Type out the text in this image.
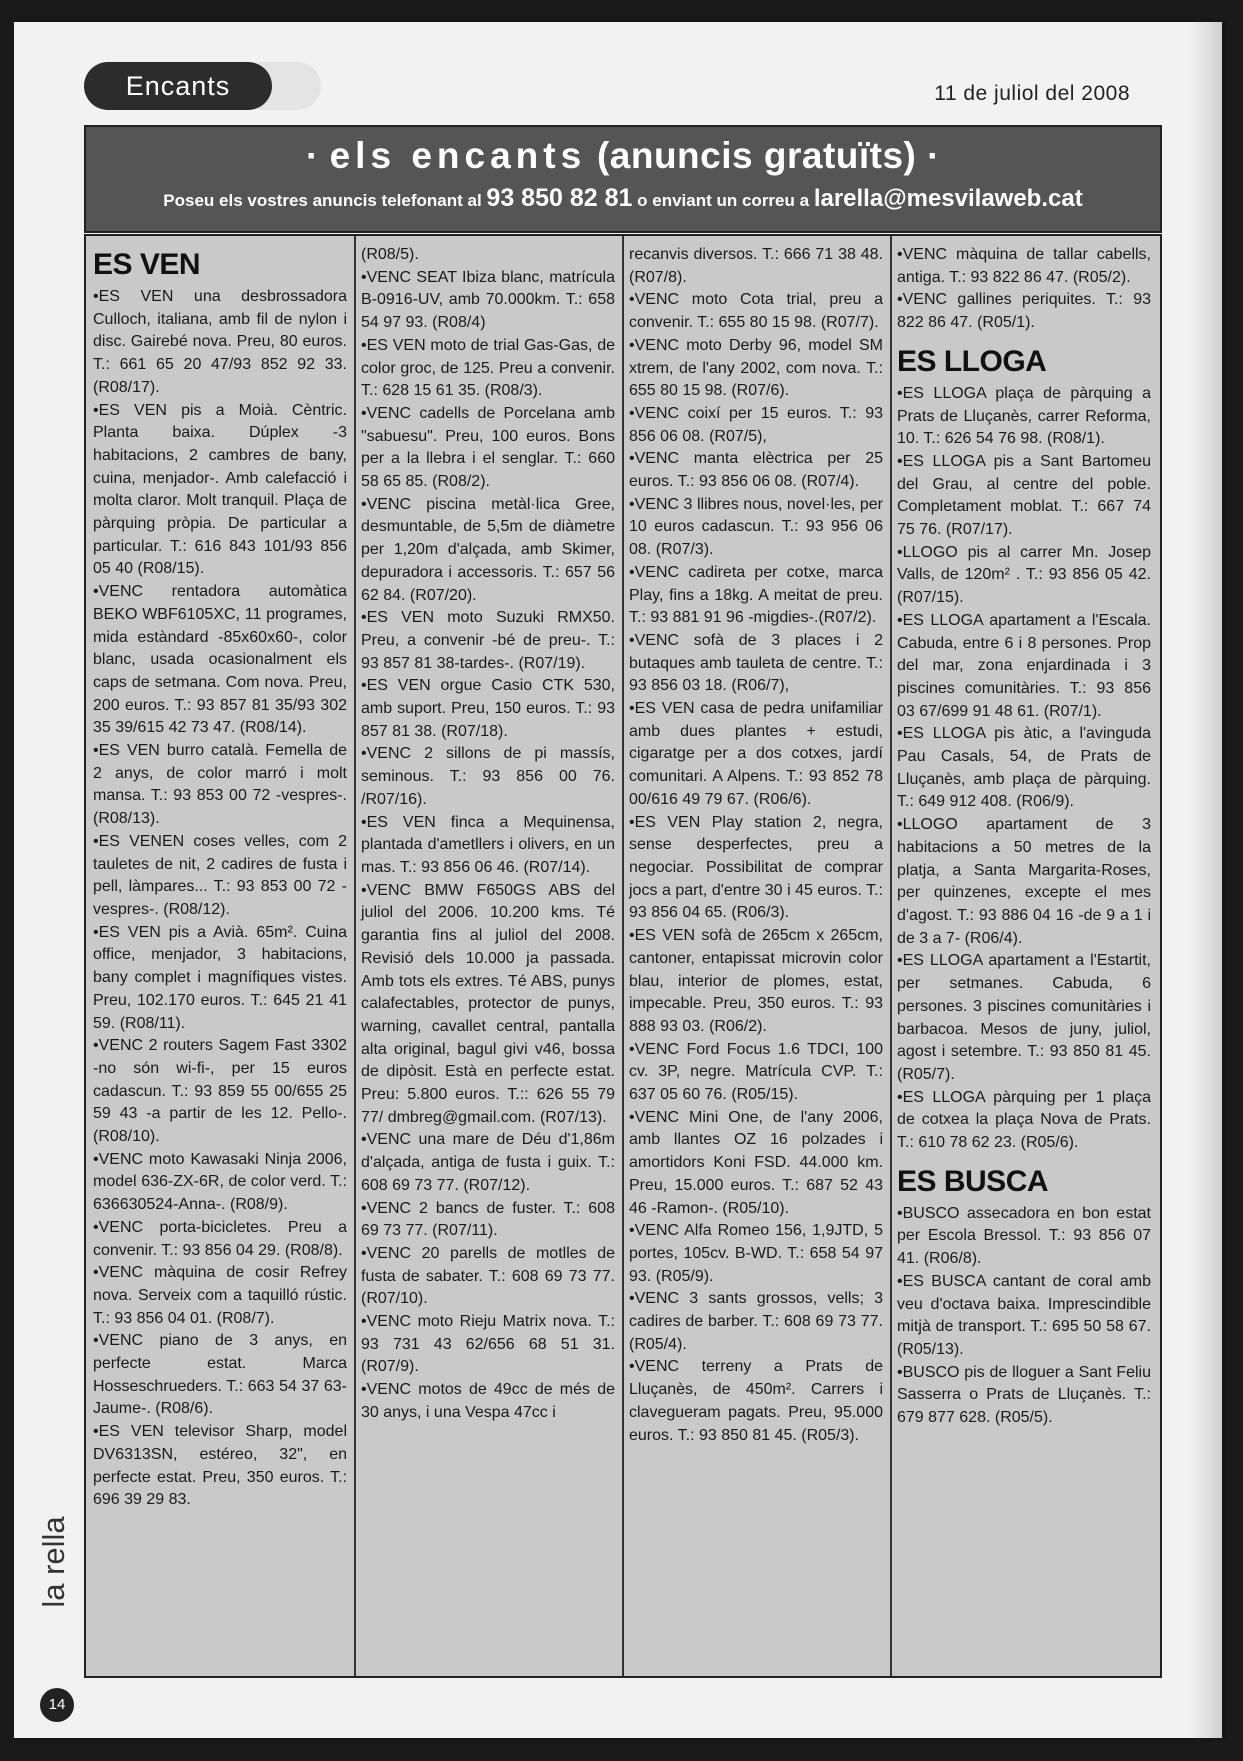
Encants	11 de juliol del 2008
· els encants (anuncis gratuïts) ·
Poseu els vostres anuncis telefonant al 93 850 82 81 o enviant un correu a larella@mesvilaweb.cat
ES VEN

•ES VEN una desbrossadora Culloch, italiana, amb fil de nylon i disc. Gairebé nova. Preu, 80 euros. T.: 661 65 20 47/93 852 92 33. (R08/17).

•ES VEN pis a Moià. Cèntric. Planta baixa. Dúplex -3 habitacions, 2 cambres de bany, cuina, menjador-. Amb calefacció i molta claror. Molt tranquil. Plaça de pàrquing pròpia. De particular a particular. T.: 616 843 101/93 856 05 40 (R08/15).

•VENC rentadora automàtica BEKO WBF6105XC, 11 programes, mida estàndard -85x60x60-, color blanc, usada ocasionalment els caps de setmana. Com nova. Preu, 200 euros. T.: 93 857 81 35/93 302 35 39/615 42 73 47. (R08/14).

•ES VEN burro català. Femella de 2 anys, de color marró i molt mansa. T.: 93 853 00 72 -vespres-. (R08/13).

•ES VENEN coses velles, com 2 tauletes de nit, 2 cadires de fusta i pell, làmpares... T.: 93 853 00 72 -vespres-. (R08/12).

•ES VEN pis a Avià. 65m². Cuina office, menjador, 3 habitacions, bany complet i magnífiques vistes. Preu, 102.170 euros. T.: 645 21 41 59. (R08/11).

•VENC 2 routers Sagem Fast 3302 -no són wi-fi-, per 15 euros cadascun. T.: 93 859 55 00/655 25 59 43 -a partir de les 12. Pello-. (R08/10).

•VENC moto Kawasaki Ninja 2006, model 636-ZX-6R, de color verd. T.: 636630524-Anna-. (R08/9).

•VENC porta-bicicletes. Preu a convenir. T.: 93 856 04 29. (R08/8).

•VENC màquina de cosir Refrey nova. Serveix com a taquilló rústic. T.: 93 856 04 01. (R08/7).

•VENC piano de 3 anys, en perfecte estat. Marca Hosseschrueders. T.: 663 54 37 63-Jaume-. (R08/6).

•ES VEN televisor Sharp, model DV6313SN, estéreo, 32", en perfecte estat. Preu, 350 euros. T.: 696 39 29 83.

(R08/5).

•VENC SEAT Ibiza blanc, matrícula B-0916-UV, amb 70.000km. T.: 658 54 97 93. (R08/4)

•ES VEN moto de trial Gas-Gas, de color groc, de 125. Preu a convenir. T.: 628 15 61 35. (R08/3).

•VENC cadells de Porcelana amb "sabuesu". Preu, 100 euros. Bons per a la llebra i el senglar. T.: 660 58 65 85. (R08/2).

•VENC piscina metàl·lica Gree, desmuntable, de 5,5m de diàmetre per 1,20m d'alçada, amb Skimer, depuradora i accessoris. T.: 657 56 62 84. (R07/20).

•ES VEN moto Suzuki RMX50. Preu, a convenir -bé de preu-. T.: 93 857 81 38-tardes-. (R07/19).

•ES VEN orgue Casio CTK 530, amb suport. Preu, 150 euros. T.: 93 857 81 38. (R07/18).

•VENC 2 sillons de pi massís, seminous. T.: 93 856 00 76. /R07/16).

•ES VEN finca a Mequinensa, plantada d'ametllers i olivers, en un mas. T.: 93 856 06 46. (R07/14).

•VENC BMW F650GS ABS del juliol del 2006. 10.200 kms. Té garantia fins al juliol del 2008. Revisió dels 10.000 ja passada. Amb tots els extres. Té ABS, punys calafectables, protector de punys, warning, cavallet central, pantalla alta original, bagul givi v46, bossa de dipòsit. Està en perfecte estat. Preu: 5.800 euros. T.:: 626 55 79 77/ dmbreg@gmail.com. (R07/13).

•VENC una mare de Déu d'1,86m d'alçada, antiga de fusta i guix. T.: 608 69 73 77. (R07/12).

•VENC 2 bancs de fuster. T.: 608 69 73 77. (R07/11).

•VENC 20 parells de motlles de fusta de sabater. T.: 608 69 73 77. (R07/10).

•VENC moto Rieju Matrix nova. T.: 93 731 43 62/656 68 51 31. (R07/9).

•VENC motos de 49cc de més de 30 anys, i una Vespa 47cc i

recanvis diversos. T.: 666 71 38 48. (R07/8).

•VENC moto Cota trial, preu a convenir. T.: 655 80 15 98. (R07/7).

•VENC moto Derby 96, model SM xtrem, de l'any 2002, com nova. T.: 655 80 15 98. (R07/6).

•VENC coixí per 15 euros. T.: 93 856 06 08. (R07/5),

•VENC manta elèctrica per 25 euros. T.: 93 856 06 08. (R07/4).

•VENC 3 llibres nous, novel·les, per 10 euros cadascun. T.: 93 956 06 08. (R07/3).

•VENC cadireta per cotxe, marca Play, fins a 18kg. A meitat de preu. T.: 93 881 91 96 -migdies-.(R07/2).

•VENC sofà de 3 places i 2 butaques amb tauleta de centre. T.: 93 856 03 18. (R06/7),

•ES VEN casa de pedra unifamiliar amb dues plantes + estudi, cigaratge per a dos cotxes, jardí comunitari. A Alpens. T.: 93 852 78 00/616 49 79 67. (R06/6).

•ES VEN Play station 2, negra, sense desperfectes, preu a negociar. Possibilitat de comprar jocs a part, d'entre 30 i 45 euros. T.: 93 856 04 65. (R06/3).

•ES VEN sofà de 265cm x 265cm, cantoner, entapissat microvin color blau, interior de plomes, estat, impecable. Preu, 350 euros. T.: 93 888 93 03. (R06/2).

•VENC Ford Focus 1.6 TDCI, 100 cv. 3P, negre. Matrícula CVP. T.: 637 05 60 76. (R05/15).

•VENC Mini One, de l'any 2006, amb llantes OZ 16 polzades i amortidors Koni FSD. 44.000 km. Preu, 15.000 euros. T.: 687 52 43 46 -Ramon-. (R05/10).

•VENC Alfa Romeo 156, 1,9JTD, 5 portes, 105cv. B-WD. T.: 658 54 97 93. (R05/9).

•VENC 3 sants grossos, vells; 3 cadires de barber. T.: 608 69 73 77. (R05/4).

•VENC terreny a Prats de Lluçanès, de 450m². Carrers i clavegueram pagats. Preu, 95.000 euros. T.: 93 850 81 45. (R05/3).

•VENC màquina de tallar cabells, antiga. T.: 93 822 86 47. (R05/2).

•VENC gallines periquites. T.: 93 822 86 47. (R05/1).

ES LLOGA

•ES LLOGA plaça de pàrquing a Prats de Lluçanès, carrer Reforma, 10. T.: 626 54 76 98. (R08/1).

•ES LLOGA pis a Sant Bartomeu del Grau, al centre del poble. Completament moblat. T.: 667 74 75 76. (R07/17).

•LLOGO pis al carrer Mn. Josep Valls, de 120m² . T.: 93 856 05 42. (R07/15).

•ES LLOGA apartament a l'Escala. Cabuda, entre 6 i 8 persones. Prop del mar, zona enjardinada i 3 piscines comunitàries. T.: 93 856 03 67/699 91 48 61. (R07/1).

•ES LLOGA pis àtic, a l'avinguda Pau Casals, 54, de Prats de Lluçanès, amb plaça de pàrquing. T.: 649 912 408. (R06/9).

•LLOGO apartament de 3 habitacions a 50 metres de la platja, a Santa Margarita-Roses, per quinzenes, excepte el mes d'agost. T.: 93 886 04 16 -de 9 a 1 i de 3 a 7- (R06/4).

•ES LLOGA apartament a l'Estartit, per setmanes. Cabuda, 6 persones. 3 piscines comunitàries i barbacoa. Mesos de juny, juliol, agost i setembre. T.: 93 850 81 45. (R05/7).

•ES LLOGA pàrquing per 1 plaça de cotxea la plaça Nova de Prats. T.: 610 78 62 23. (R05/6).

ES BUSCA

•BUSCO assecadora en bon estat per Escola Bressol. T.: 93 856 07 41. (R06/8).

•ES BUSCA cantant de coral amb veu d'octava baixa. Imprescindible mitjà de transport. T.: 695 50 58 67. (R05/13).

•BUSCO pis de lloguer a Sant Feliu Sasserra o Prats de Lluçanès. T.: 679 877 628. (R05/5).

la rella
14
